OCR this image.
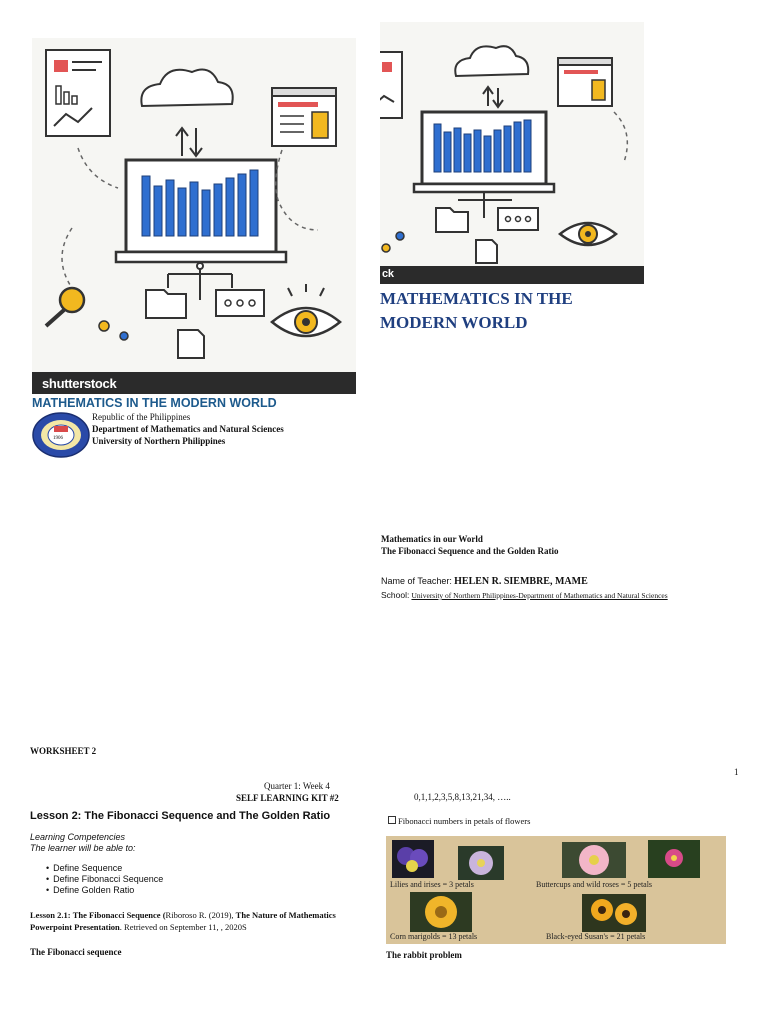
shutterstock
ck
MATHEMATICS IN THE MODERN WORLD
MATHEMATICS IN THE
MODERN WORLD
1906
Republic of the Philippines
Department of Mathematics and Natural Sciences
University of Northern Philippines
Mathematics in our World
The Fibonacci Sequence and the Golden Ratio
Name of Teacher: HELEN R. SIEMBRE, MAME
School: University of Northern Philippines-Department of Mathematics and Natural Sciences
1
WORKSHEET 2
Quarter 1: Week 4
SELF LEARNING KIT #2
Lesson 2: The Fibonacci Sequence and The Golden Ratio
Learning Competencies
The learner will be able to:
• Define Sequence
• Define Fibonacci Sequence
• Define Golden Ratio
Lesson 2.1: The Fibonacci Sequence (Riboroso R. (2019), The Nature of Mathematics Powerpoint Presentation. Retrieved on September 11, , 2020S
The Fibonacci sequence
0,1,1,2,3,5,8,13,21,34, …..
Fibonacci numbers in petals of flowers
Lilies and irises = 3 petals	Buttercups and wild roses = 5 petals
Corn marigolds = 13 petals	Black-eyed Susan's = 21 petals
The rabbit problem
